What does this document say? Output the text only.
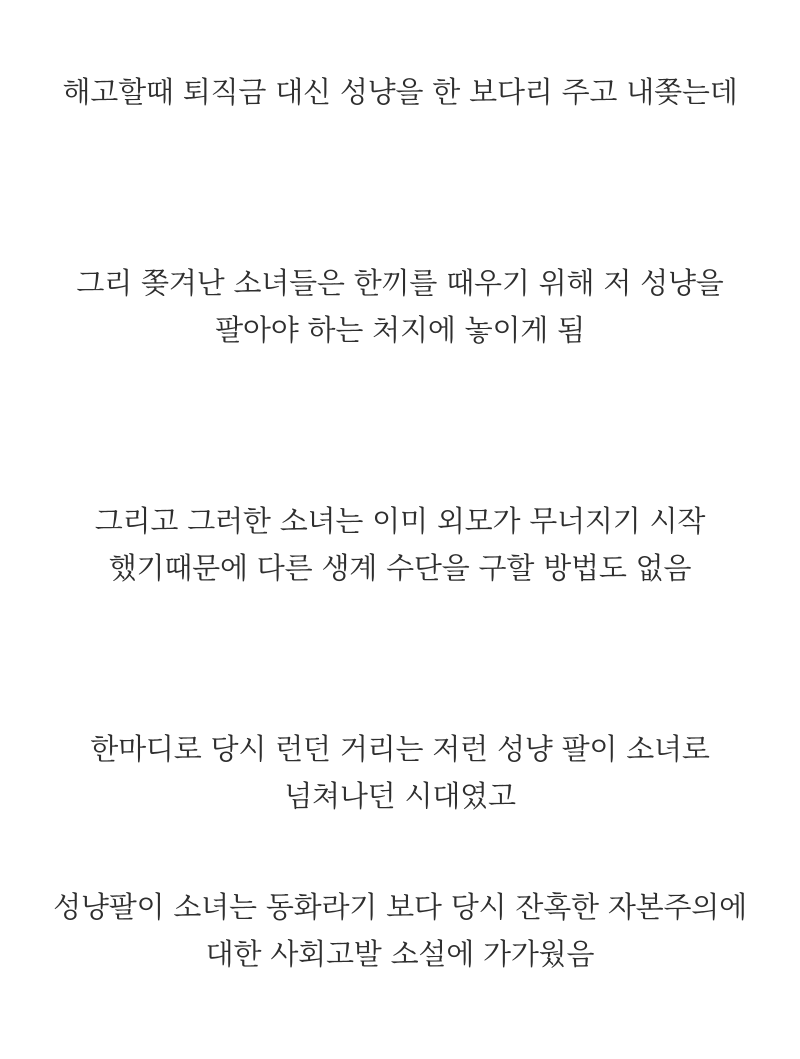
해고할때 퇴직금 대신 성냥을 한 보다리 주고 내쫒는데

그리 쫒겨난 소녀들은 한끼를 때우기 위해 저 성냥을 팔아야 하는 처지에 놓이게 됨

그리고 그러한 소녀는 이미 외모가 무너지기 시작 했기때문에 다른 생계 수단을 구할 방법도 없음

한마디로 당시 런던 거리는 저런 성냥 팔이 소녀로 넘쳐나던 시대였고

성냥팔이 소녀는 동화라기 보다 당시 잔혹한 자본주의에 대한 사회고발 소설에 가가웠음
